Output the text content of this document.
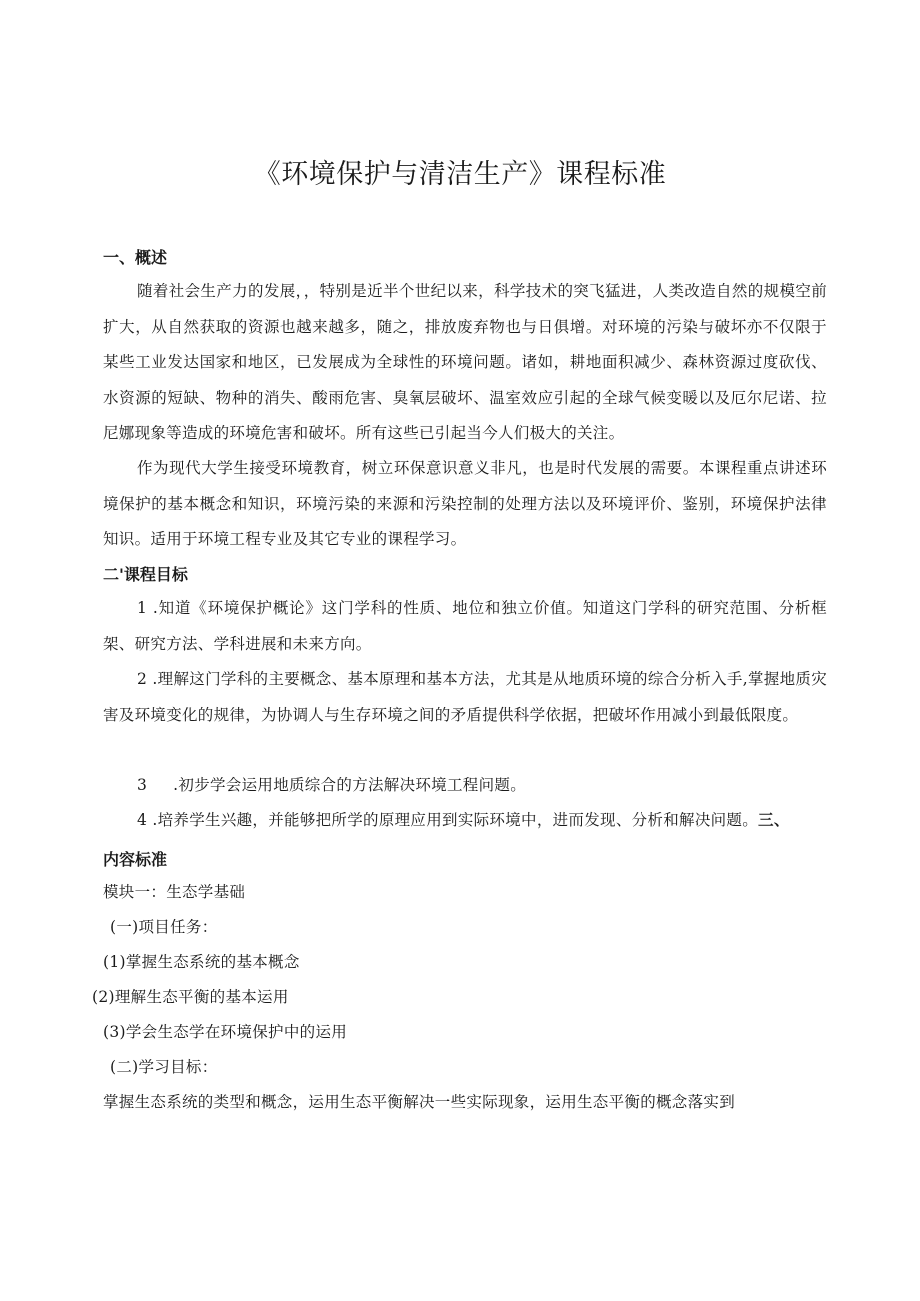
《环境保护与清洁生产》课程标准
一、概述

随着社会生产力的发展，，特别是近半个世纪以来，科学技术的突飞猛进，人类改造自然的规模空前扩大，从自然获取的资源也越来越多，随之，排放废弃物也与日俱增。对环境的污染与破坏亦不仅限于某些工业发达国家和地区，已发展成为全球性的环境问题。诸如，耕地面积减少、森林资源过度砍伐、水资源的短缺、物种的消失、酸雨危害、臭氧层破坏、温室效应引起的全球气候变暖以及厄尔尼诺、拉尼娜现象等造成的环境危害和破坏。所有这些已引起当今人们极大的关注。

作为现代大学生接受环境教育，树立环保意识意义非凡，也是时代发展的需要。本课程重点讲述环境保护的基本概念和知识，环境污染的来源和污染控制的处理方法以及环境评价、鉴别，环境保护法律知识。适用于环境工程专业及其它专业的课程学习。

二'课程目标

1 .知道《环境保护概论》这门学科的性质、地位和独立价值。知道这门学科的研究范围、分析框架、研究方法、学科进展和未来方向。

2 .理解这门学科的主要概念、基本原理和基本方法，尤其是从地质环境的综合分析入手,掌握地质灾害及环境变化的规律，为协调人与生存环境之间的矛盾提供科学依据，把破坏作用减小到最低限度。

3 .初步学会运用地质综合的方法解决环境工程问题。

4 .培养学生兴趣，并能够把所学的原理应用到实际环境中，进而发现、分析和解决问题。三、

内容标准
模块一：生态学基础
(一)项目任务：
(1)掌握生态系统的基本概念
(2)理解生态平衡的基本运用
(3)学会生态学在环境保护中的运用
(二)学习目标：
掌握生态系统的类型和概念，运用生态平衡解决一些实际现象，运用生态平衡的概念落实到
